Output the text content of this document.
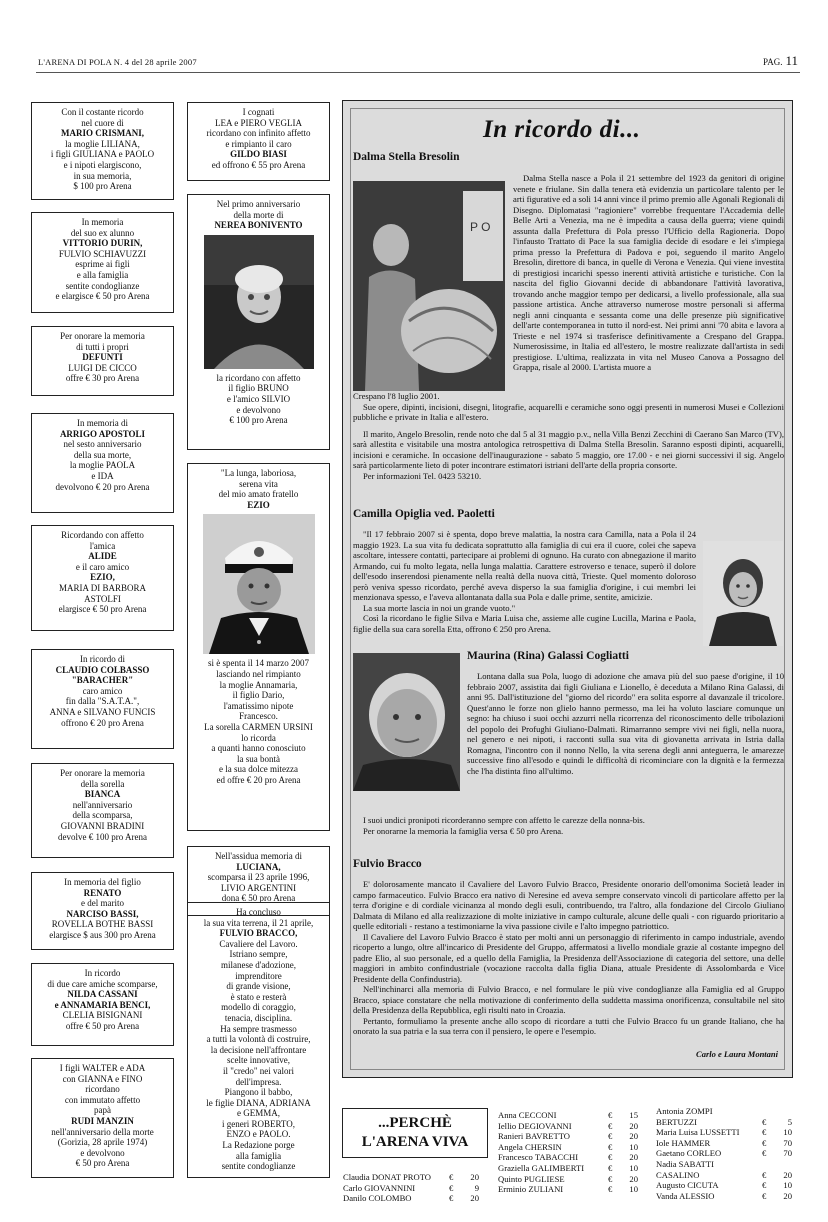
L'ARENA DI POLA N. 4 del 28 aprile 2007	PAG. 11
Con il costante ricordo
nel cuore di
MARIO CRISMANI,
la moglie LILIANA,
i figli GIULIANA e PAOLO
e i nipoti elargiscono,
in sua memoria,
$ 100 pro Arena
In memoria
del suo ex alunno
VITTORIO DURIN,
FULVIO SCHIAVUZZI
esprime ai figli
e alla famiglia
sentite condoglianze
e elargisce € 50 pro Arena
Per onorare la memoria
di tutti i propri
DEFUNTI
LUIGI DE CICCO
offre € 30 pro Arena
In memoria di
ARRIGO APOSTOLI
nel sesto anniversario
della sua morte,
la moglie PAOLA
e IDA
devolvono € 20 pro Arena
Ricordando con affetto
l'amica
ALIDE
e il caro amico
EZIO,
MARIA DI BARBORA
ASTOLFI
elargisce € 50 pro Arena
In ricordo di
CLAUDIO COLBASSO
"BARACHER"
caro amico
fin dalla "S.A.T.A.",
ANNA e SILVANO FUNCIS
offrono € 20 pro Arena
Per onorare la memoria
della sorella
BIANCA
nell'anniversario
della scomparsa,
GIOVANNI BRADINI
devolve € 100 pro Arena
In memoria del figlio
RENATO
e del marito
NARCISO BASSI,
ROVELLA BOTHE BASSI
elargisce $ aus 300 pro Arena
In ricordo
di due care amiche scomparse,
NILDA CASSANI
e ANNAMARIA BENCI,
CLELIA BISIGNANI
offre € 50 pro Arena
I figli WALTER e ADA
con GIANNA e FINO
ricordano
con immutato affetto
papà
RUDI MANZIN
nell'anniversario della morte
(Gorizia, 28 aprile 1974)
e devolvono
€ 50 pro Arena
I cognati
LEA e PIERO VEGLIA
ricordano con infinito affetto
e rimpianto il caro
GILDO BIASI
ed offrono € 55 pro Arena
Nel primo anniversario
della morte di
NEREA BONIVENTO
la ricordano con affetto
il figlio BRUNO
e l'amico SILVIO
e devolvono
€ 100 pro Arena
"La lunga, laboriosa,
serena vita
del mio amato fratello
EZIO
si è spenta il 14 marzo 2007
lasciando nel rimpianto
la moglie Annamaria,
il figlio Dario,
l'amatissimo nipote
Francesco.
La sorella CARMEN URSINI
lo ricorda
a quanti hanno conosciuto
la sua bontà
e la sua dolce mitezza
ed offre € 20 pro Arena
Nell'assidua memoria di
LUCIANA,
scomparsa il 23 aprile 1996,
LIVIO ARGENTINI
dona € 50 pro Arena
Ha concluso
la sua vita terrena, il 21 aprile,
FULVIO BRACCO,
Cavaliere del Lavoro.
Istriano sempre,
milanese d'adozione,
imprenditore
di grande visione,
è stato e resterà
modello di coraggio,
tenacia, disciplina.
Ha sempre trasmesso
a tutti la volontà di costruire,
la decisione nell'affrontare
scelte innovative,
il "credo" nei valori
dell'impresa.
Piangono il babbo,
le figlie DIANA, ADRIANA
e GEMMA,
i generi ROBERTO,
ENZO e PAOLO.
La Redazione porge
alla famiglia
sentite condoglianze
In ricordo di...
Dalma Stella Bresolin
P O

Dalma Stella nasce a Pola il 21 settembre del 1923 da genitori di origine venete e friulane. Sin dalla tenera età evidenzia un particolare talento per le arti figurative ed a soli 14 anni vince il primo premio alle Agonali Regionali di Disegno. Diplomatasi "ragioniere" vorrebbe frequentare l'Accademia delle Belle Arti a Venezia, ma ne è impedita a causa della guerra; viene quindi assunta dalla Prefettura di Pola presso l'Ufficio della Ragioneria. Dopo l'infausto Trattato di Pace la sua famiglia decide di esodare e lei s'impiega prima presso la Prefettura di Padova e poi, seguendo il marito Angelo Bresolin, direttore di banca, in quelle di Verona e Venezia. Qui viene investita di prestigiosi incarichi spesso inerenti attività artistiche e turistiche. Con la nascita del figlio Giovanni decide di abbandonare l'attività lavorativa, trovando anche maggior tempo per dedicarsi, a livello professionale, alla sua passione artistica. Anche attraverso numerose mostre personali si afferma negli anni cinquanta e sessanta come una delle presenze più significative dell'arte contemporanea in tutto il nord-est. Nei primi anni '70 abita e lavora a Trieste e nel 1974 si trasferisce definitivamente a Crespano del Grappa. Numerosissime, in Italia ed all'estero, le mostre realizzate dall'artista in sedi prestigiose. L'ultima, realizzata in vita nel Museo Canova a Possagno del Grappa, risale al 2000. L'artista muore a

Crespano l'8 luglio 2001.

Sue opere, dipinti, incisioni, disegni, litografie, acquarelli e ceramiche sono oggi presenti in numerosi Musei e Collezioni pubbliche e private in Italia e all'estero.

Il marito, Angelo Bresolin, rende noto che dal 5 al 31 maggio p.v., nella Villa Benzi Zecchini di Caerano San Marco (TV), sarà allestita e visitabile una mostra antologica retrospettiva di Dalma Stella Bresolin. Saranno esposti dipinti, acquarelli, incisioni e ceramiche. In occasione dell'inaugurazione - sabato 5 maggio, ore 17.00 - e nei giorni successivi il sig. Angelo sarà particolarmente lieto di poter incontrare estimatori istriani dell'arte della propria consorte.

Per informazioni Tel. 0423 53210.

Camilla Opiglia ved. Paoletti

"Il 17 febbraio 2007 si è spenta, dopo breve malattia, la nostra cara Camilla, nata a Pola il 24 maggio 1923. La sua vita fu dedicata soprattutto alla famiglia di cui era il cuore, colei che sapeva ascoltare, intessere contatti, partecipare ai problemi di ognuno. Ha curato con abnegazione il marito Armando, cui fu molto legata, nella lunga malattia. Carattere estroverso e tenace, superò il dolore dell'esodo inserendosi pienamente nella realtà della nuova città, Trieste. Quel momento doloroso però veniva spesso ricordato, perché aveva disperso la sua famiglia d'origine, i cui membri lei menzionava spesso, e l'aveva allontanata dalla sua Pola e dalle prime, sentite, amicizie.

La sua morte lascia in noi un grande vuoto."

Così la ricordano le figlie Silva e Maria Luisa che, assieme alle cugine Lucilla, Marina e Paola, figlie della sua cara sorella Etta, offrono € 250 pro Arena.

Maurina (Rina) Galassi Cogliatti

Lontana dalla sua Pola, luogo di adozione che amava più del suo paese d'origine, il 10 febbraio 2007, assistita dai figli Giuliana e Lionello, è deceduta a Milano Rina Galassi, di anni 95. Dall'istituzione del "giorno del ricordo" era solita esporre al davanzale il tricolore. Quest'anno le forze non glielo hanno permesso, ma lei ha voluto lasciare comunque un segno: ha chiuso i suoi occhi azzurri nella ricorrenza del riconoscimento delle tribolazioni del popolo dei Profughi Giuliano-Dalmati. Rimarranno sempre vivi nei figli, nella nuora, nel genero e nei nipoti, i racconti sulla sua vita di giovanetta arrivata in Istria dalla Romagna, l'incontro con il nonno Nello, la vita serena degli anni anteguerra, le amarezze successive fino all'esodo e quindi le difficoltà di ricominciare con la dignità e la fermezza che l'ha distinta fino all'ultimo.

I suoi undici pronipoti ricorderanno sempre con affetto le carezze della nonna-bis.

Per onorarne la memoria la famiglia versa € 50 pro Arena.

Fulvio Bracco

E' dolorosamente mancato il Cavaliere del Lavoro Fulvio Bracco, Presidente onorario dell'omonima Società leader in campo farmaceutico. Fulvio Bracco era nativo di Neresine ed aveva sempre conservato vincoli di particolare affetto per la terra d'origine e di cordiale vicinanza al mondo degli esuli, contribuendo, tra l'altro, alla fondazione del Circolo Giuliano Dalmata di Milano ed alla realizzazione di molte iniziative in campo culturale, alcune delle quali - con riguardo prioritario a quelle editoriali - restano a testimoniarne la viva passione civile e l'alto impegno patriottico.

Il Cavaliere del Lavoro Fulvio Bracco è stato per molti anni un personaggio di riferimento in campo industriale, avendo ricoperto a lungo, oltre all'incarico di Presidente del Gruppo, affermatosi a livello mondiale grazie al costante impegno del padre Elio, al suo personale, ed a quello della Famiglia, la Presidenza dell'Associazione di categoria del settore, una delle maggiori in ambito confindustriale (vocazione raccolta dalla figlia Diana, attuale Presidente di Assolombarda e Vice Presidente della Confindustria).

Nell'inchinarci alla memoria di Fulvio Bracco, e nel formulare le più vive condoglianze alla Famiglia ed al Gruppo Bracco, spiace constatare che nella motivazione di conferimento della suddetta massima onorificenza, consultabile nel sito della Presidenza della Repubblica, egli risulti nato in Croazia.

Pertanto, formuliamo la presente anche allo scopo di ricordare a tutti che Fulvio Bracco fu un grande Italiano, che ha onorato la sua patria e la sua terra con il pensiero, le opere e l'esempio.

Carlo e Laura Montani
...PERCHÈ
L'ARENA VIVA
Claudia DONAT PROTO	€	20
Carlo GIOVANNINI	€	9
Danilo COLOMBO	€	20
Anna CECCONI	€	15
Iellio DEGIOVANNI	€	20
Ranieri BAVRETTO	€	20
Angela CHERSIN	€	10
Francesco TABACCHI	€	20
Graziella GALIMBERTI	€	10
Quinto PUGLIESE	€	20
Erminio ZULIANI	€	10
Antonia ZOMPI
BERTUZZI	€	5
Maria Luisa LUSSETTI	€	10
Iole HAMMER	€	70
Gaetano CORLEO	€	70
Nadia SABATTI
CASALINO	€	20
Augusto CICUTA	€	10
Vanda ALESSIO	€	20
